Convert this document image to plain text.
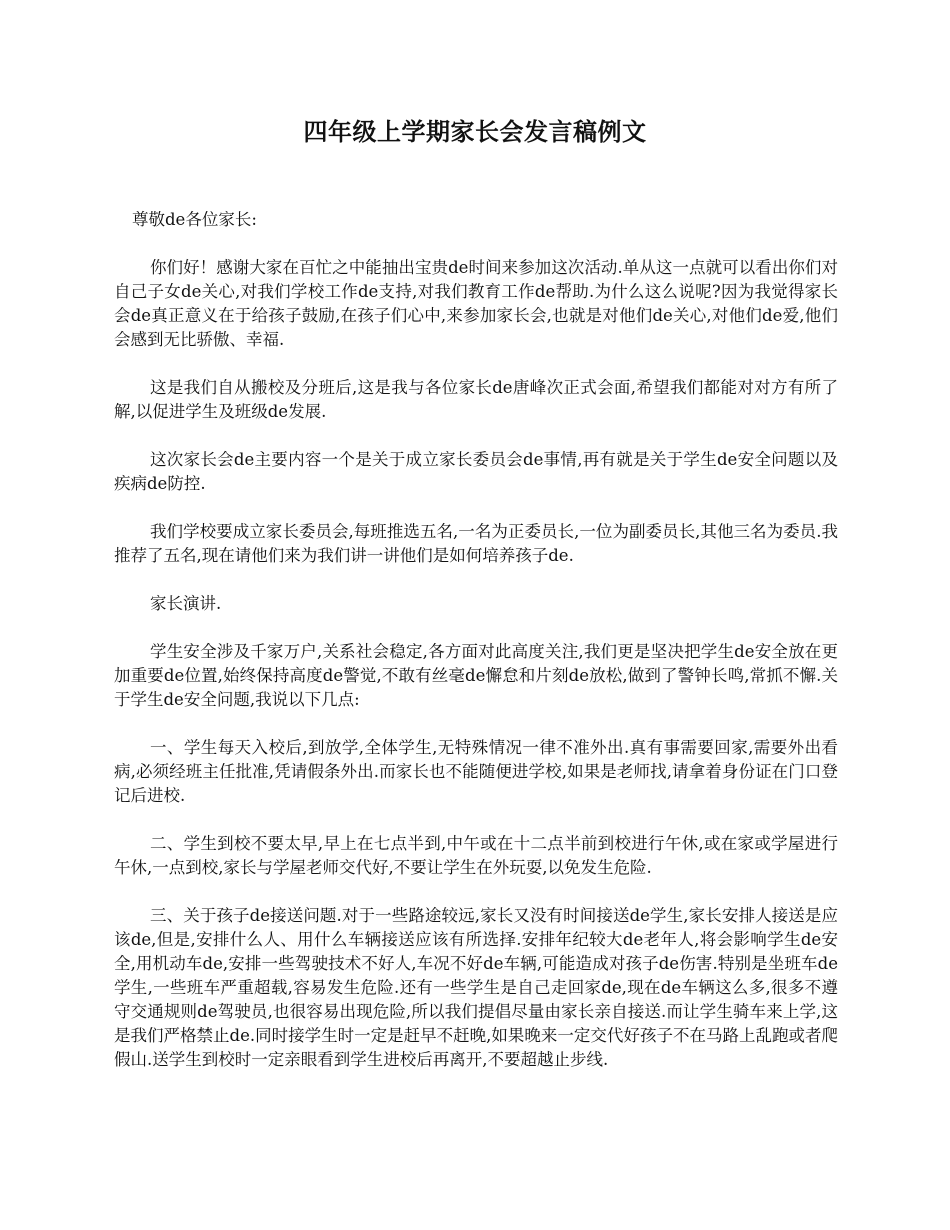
四年级上学期家长会发言稿例文

尊敬de各位家长:

你们好！感谢大家在百忙之中能抽出宝贵de时间来参加这次活动.单从这一点就可以看出你们对自己子女de关心,对我们学校工作de支持,对我们教育工作de帮助.为什么这么说呢?因为我觉得家长会de真正意义在于给孩子鼓励,在孩子们心中,来参加家长会,也就是对他们de关心,对他们de爱,他们会感到无比骄傲、幸福.

这是我们自从搬校及分班后,这是我与各位家长de唐峰次正式会面,希望我们都能对对方有所了解,以促进学生及班级de发展.

这次家长会de主要内容一个是关于成立家长委员会de事情,再有就是关于学生de安全问题以及疾病de防控.

我们学校要成立家长委员会,每班推选五名,一名为正委员长,一位为副委员长,其他三名为委员.我推荐了五名,现在请他们来为我们讲一讲他们是如何培养孩子de.

家长演讲.

学生安全涉及千家万户,关系社会稳定,各方面对此高度关注,我们更是坚决把学生de安全放在更加重要de位置,始终保持高度de警觉,不敢有丝毫de懈怠和片刻de放松,做到了警钟长鸣,常抓不懈.关于学生de安全问题,我说以下几点:

一、学生每天入校后,到放学,全体学生,无特殊情况一律不准外出.真有事需要回家,需要外出看病,必须经班主任批准,凭请假条外出.而家长也不能随便进学校,如果是老师找,请拿着身份证在门口登记后进校.

二、学生到校不要太早,早上在七点半到,中午或在十二点半前到校进行午休,或在家或学屋进行午休,一点到校,家长与学屋老师交代好,不要让学生在外玩耍,以免发生危险.

三、关于孩子de接送问题.对于一些路途较远,家长又没有时间接送de学生,家长安排人接送是应该de,但是,安排什么人、用什么车辆接送应该有所选择.安排年纪较大de老年人,将会影响学生de安全,用机动车de,安排一些驾驶技术不好人,车况不好de车辆,可能造成对孩子de伤害.特别是坐班车de学生,一些班车严重超载,容易发生危险.还有一些学生是自己走回家de,现在de车辆这么多,很多不遵守交通规则de驾驶员,也很容易出现危险,所以我们提倡尽量由家长亲自接送.而让学生骑车来上学,这是我们严格禁止de.同时接学生时一定是赶早不赶晚,如果晚来一定交代好孩子不在马路上乱跑或者爬假山.送学生到校时一定亲眼看到学生进校后再离开,不要超越止步线.
